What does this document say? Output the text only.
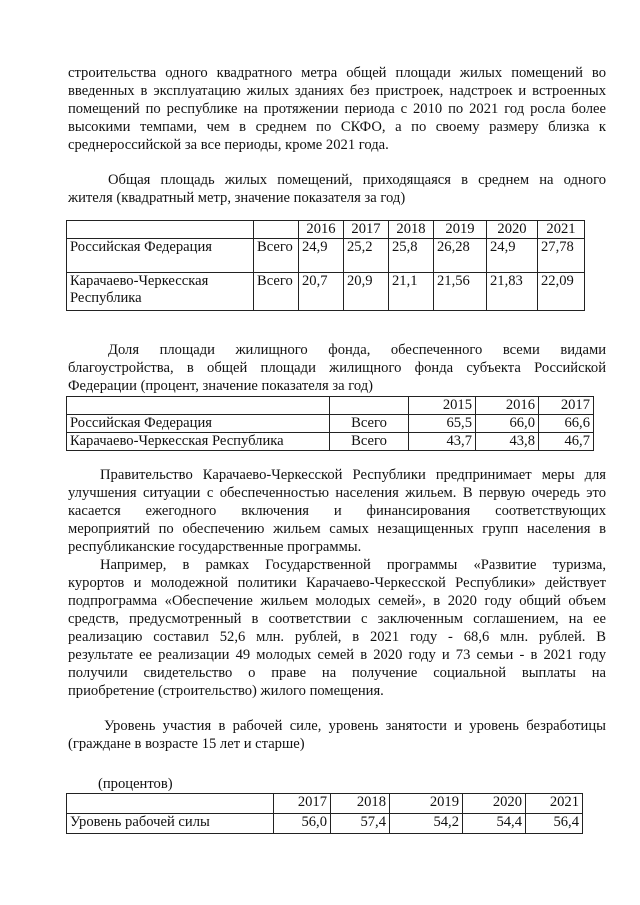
строительства одного квадратного метра общей площади жилых помещений во

введенных в эксплуатацию жилых зданиях без пристроек, надстроек и встроенных

помещений по республике на протяжении периода с 2010 по 2021 год росла более

высокими темпами, чем в среднем по СКФО, а по своему размеру близка к

среднероссийской за все периоды, кроме 2021 года.

Общая площадь жилых помещений, приходящаяся в среднем на одного

жителя (квадратный метр, значение показателя за год)

		2016	2017	2018	2019	2020	2021
Российская Федерация	Всего	24,9	25,2	25,8	26,28	24,9	27,78

Карачаево-Черкесская
Республика	Всего	20,7	20,9	21,1	21,56	21,83	22,09

Доля площади жилищного фонда, обеспеченного всеми видами

благоустройства, в общей площади жилищного фонда субъекта Российской

Федерации (процент, значение показателя за год)

		2015	2016	2017
Российская Федерация	Всего	65,5	66,0	66,6
Карачаево-Черкесская Республика	Всего	43,7	43,8	46,7

Правительство Карачаево-Черкесской Республики предпринимает меры для

улучшения ситуации с обеспеченностью населения жильем. В первую очередь это

касается ежегодного включения и финансирования соответствующих

мероприятий по обеспечению жильем самых незащищенных групп населения в

республиканские государственные программы.

Например, в рамках Государственной программы «Развитие туризма,

курортов и молодежной политики Карачаево-Черкесской Республики» действует

подпрограмма «Обеспечение жильем молодых семей», в 2020 году общий объем

средств, предусмотренный в соответствии с заключенным соглашением, на ее

реализацию составил 52,6 млн. рублей, в 2021 году - 68,6 млн. рублей. В

результате ее реализации 49 молодых семей в 2020 году и 73 семьи - в 2021 году

получили свидетельство о праве на получение социальной выплаты на

приобретение (строительство) жилого помещения.

Уровень участия в рабочей силе, уровень занятости и уровень безработицы

(граждане в возрасте 15 лет и старше)

(процентов)
	2017	2018	2019	2020	2021
Уровень рабочей силы	56,0	57,4	54,2	54,4	56,4
